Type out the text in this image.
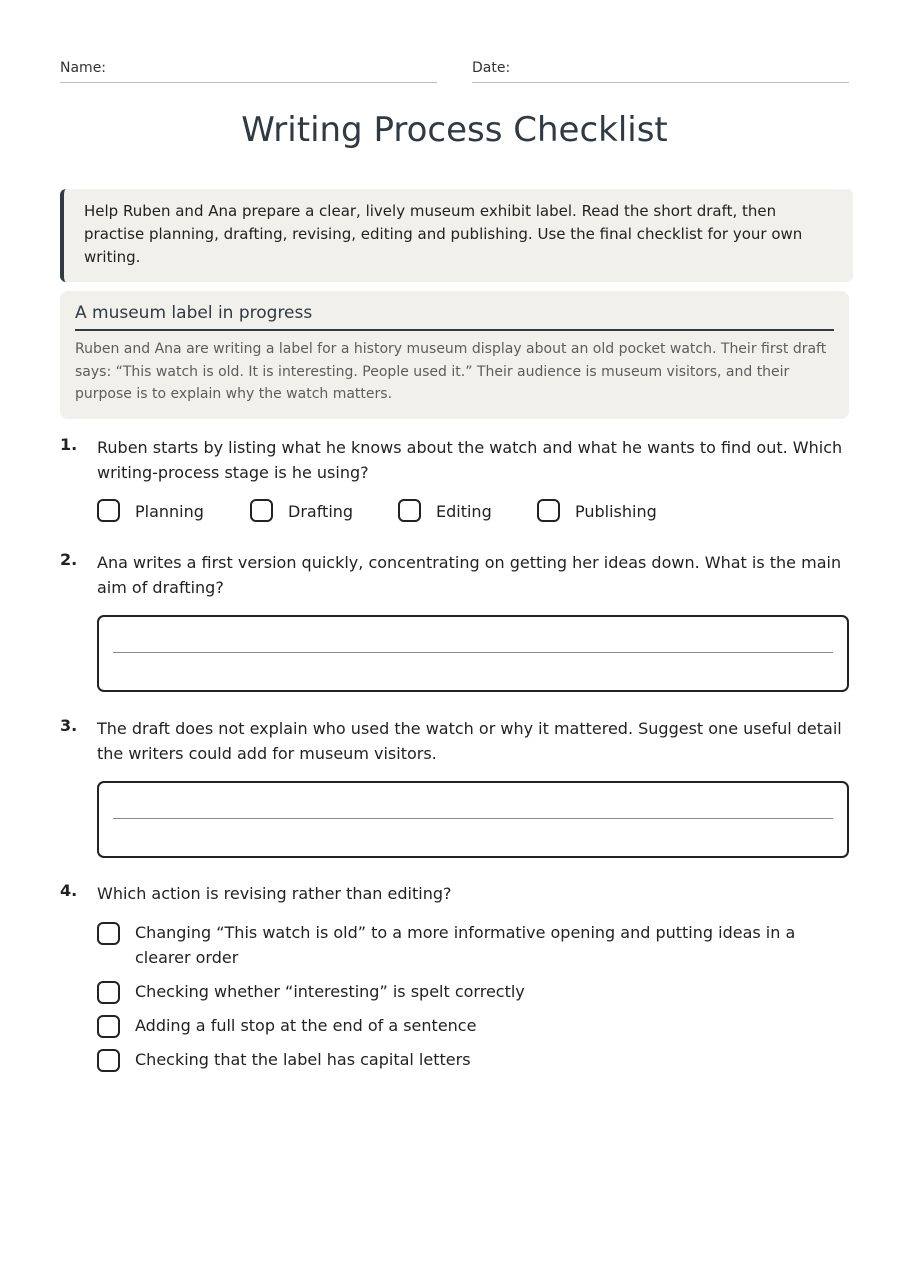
Name:	Date:
Writing Process Checklist
Help Ruben and Ana prepare a clear, lively museum exhibit label. Read the short draft, then practise planning, drafting, revising, editing and publishing. Use the final checklist for your own writing.
A museum label in progress
Ruben and Ana are writing a label for a history museum display about an old pocket watch. Their first draft says: “This watch is old. It is interesting. People used it.” Their audience is museum visitors, and their purpose is to explain why the watch matters.
1. Ruben starts by listing what he knows about the watch and what he wants to find out. Which writing-process stage is he using?
Planning	Drafting	Editing	Publishing
2. Ana writes a first version quickly, concentrating on getting her ideas down. What is the main aim of drafting?
3. The draft does not explain who used the watch or why it mattered. Suggest one useful detail the writers could add for museum visitors.
4. Which action is revising rather than editing?
Changing “This watch is old” to a more informative opening and putting ideas in a clearer order
Checking whether “interesting” is spelt correctly
Adding a full stop at the end of a sentence
Checking that the label has capital letters
